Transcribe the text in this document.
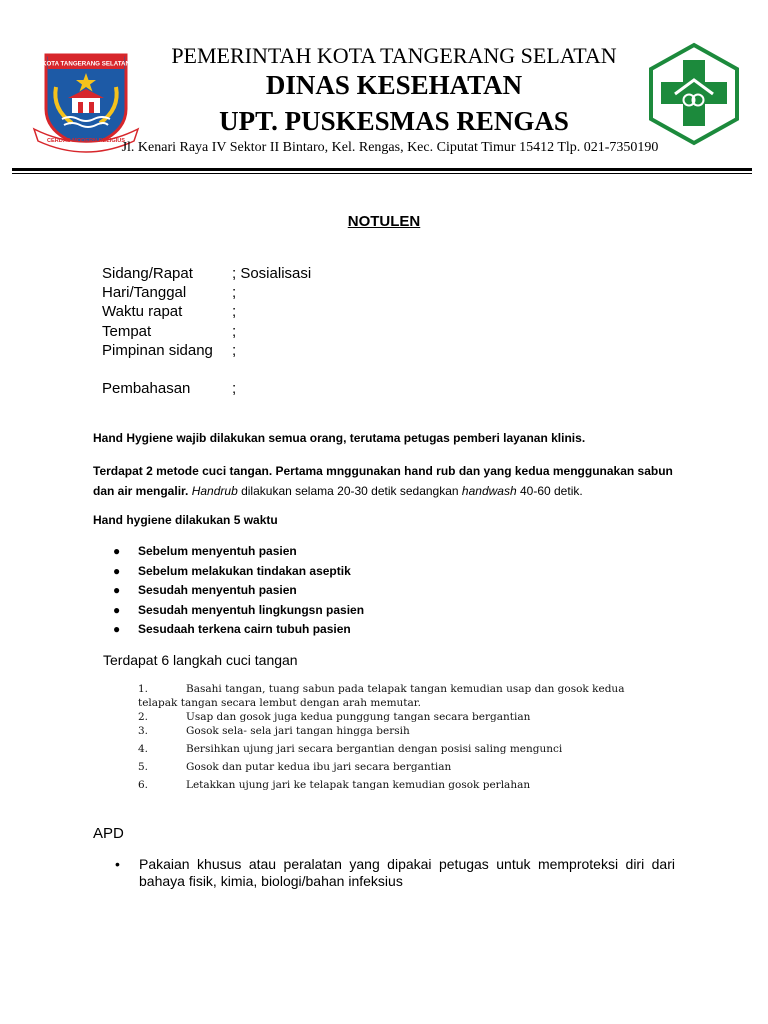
KOTA TANGERANG SELATAN
CERDAS MODERN RELIGIUS
PEMERINTAH KOTA TANGERANG SELATAN
DINAS KESEHATAN
UPT. PUSKESMAS RENGAS
Jl. Kenari Raya IV Sektor II Bintaro, Kel. Rengas, Kec. Ciputat Timur 15412 Tlp. 021-7350190
NOTULEN
Sidang/Rapat	; Sosialisasi
Hari/Tanggal	;
Waktu rapat	;
Tempat	;
Pimpinan sidang ;
Pembahasan	;
Hand Hygiene wajib dilakukan semua orang, terutama petugas pemberi layanan klinis.
Terdapat 2 metode cuci tangan. Pertama mnggunakan hand rub dan yang kedua menggunakan sabun dan air mengalir. Handrub dilakukan selama 20-30 detik sedangkan handwash 40-60 detik.
Hand hygiene dilakukan 5 waktu
● Sebelum menyentuh pasien
● Sebelum melakukan tindakan aseptik
● Sesudah menyentuh pasien
● Sesudah menyentuh lingkungsn pasien
● Sesudaah terkena cairn tubuh pasien
Terdapat 6 langkah cuci tangan
1.	Basahi tangan, tuang sabun pada telapak tangan kemudian usap dan gosok kedua
telapak tangan secara lembut dengan arah memutar.
2.	Usap dan gosok juga kedua punggung tangan secara bergantian
3.	Gosok sela- sela jari tangan hingga bersih
4.	Bersihkan ujung jari secara bergantian dengan posisi saling mengunci
5.	Gosok dan putar kedua ibu jari secara bergantian
6.	Letakkan ujung jari ke telapak tangan kemudian gosok perlahan
APD
• Pakaian khusus atau peralatan yang dipakai petugas untuk memproteksi diri dari bahaya fisik, kimia, biologi/bahan infeksius
